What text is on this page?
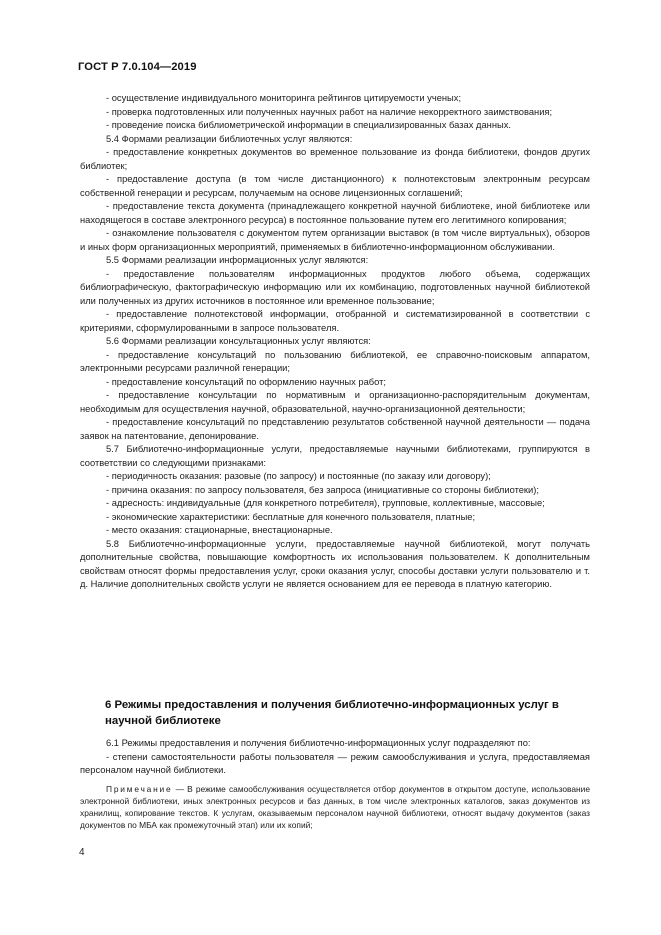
ГОСТ Р 7.0.104—2019

- осуществление индивидуального мониторинга рейтингов цитируемости ученых;

- проверка подготовленных или полученных научных работ на наличие некорректного заимствования;

- проведение поиска библиометрической информации в специализированных базах данных.

5.4 Формами реализации библиотечных услуг являются:

- предоставление конкретных документов во временное пользование из фонда библиотеки, фондов других библиотек;

- предоставление доступа (в том числе дистанционного) к полнотекстовым электронным ресурсам собственной генерации и ресурсам, получаемым на основе лицензионных соглашений;

- предоставление текста документа (принадлежащего конкретной научной библиотеке, иной библиотеке или находящегося в составе электронного ресурса) в постоянное пользование путем его легитимного копирования;

- ознакомление пользователя с документом путем организации выставок (в том числе виртуальных), обзоров и иных форм организационных мероприятий, применяемых в библиотечно-информационном обслуживании.

5.5 Формами реализации информационных услуг являются:

- предоставление пользователям информационных продуктов любого объема, содержащих библиографическую, фактографическую информацию или их комбинацию, подготовленных научной библиотекой или полученных из других источников в постоянное или временное пользование;

- предоставление полнотекстовой информации, отобранной и систематизированной в соответствии с критериями, сформулированными в запросе пользователя.

5.6 Формами реализации консультационных услуг являются:

- предоставление консультаций по пользованию библиотекой, ее справочно-поисковым аппаратом, электронными ресурсами различной генерации;

- предоставление консультаций по оформлению научных работ;

- предоставление консультации по нормативным и организационно-распорядительным документам, необходимым для осуществления научной, образовательной, научно-организационной деятельности;

- предоставление консультаций по представлению результатов собственной научной деятельности — подача заявок на патентование, депонирование.

5.7 Библиотечно-информационные услуги, предоставляемые научными библиотеками, группируются в соответствии со следующими признаками:

- периодичность оказания: разовые (по запросу) и постоянные (по заказу или договору);

- причина оказания: по запросу пользователя, без запроса (инициативные со стороны библиотеки);

- адресность: индивидуальные (для конкретного потребителя), групповые, коллективные, массовые;

- экономические характеристики: бесплатные для конечного пользователя, платные;

- место оказания: стационарные, внестационарные.

5.8 Библиотечно-информационные услуги, предоставляемые научной библиотекой, могут получать дополнительные свойства, повышающие комфортность их использования пользователем. К дополнительным свойствам относят формы предоставления услуг, сроки оказания услуг, способы доставки услуги пользователю и т. д. Наличие дополнительных свойств услуги не является основанием для ее перевода в платную категорию.

6 Режимы предоставления и получения библиотечно-информационных услуг в научной библиотеке

6.1 Режимы предоставления и получения библиотечно-информационных услуг подразделяют по:

- степени самостоятельности работы пользователя — режим самообслуживания и услуга, предоставляемая персоналом научной библиотеки.

Примечание — В режиме самообслуживания осуществляется отбор документов в открытом доступе, использование электронной библиотеки, иных электронных ресурсов и баз данных, в том числе электронных каталогов, заказ документов из хранилищ, копирование текстов. К услугам, оказываемым персоналом научной библиотеки, относят выдачу документов (заказ документов по МБА как промежуточный этап) или их копий;

4
